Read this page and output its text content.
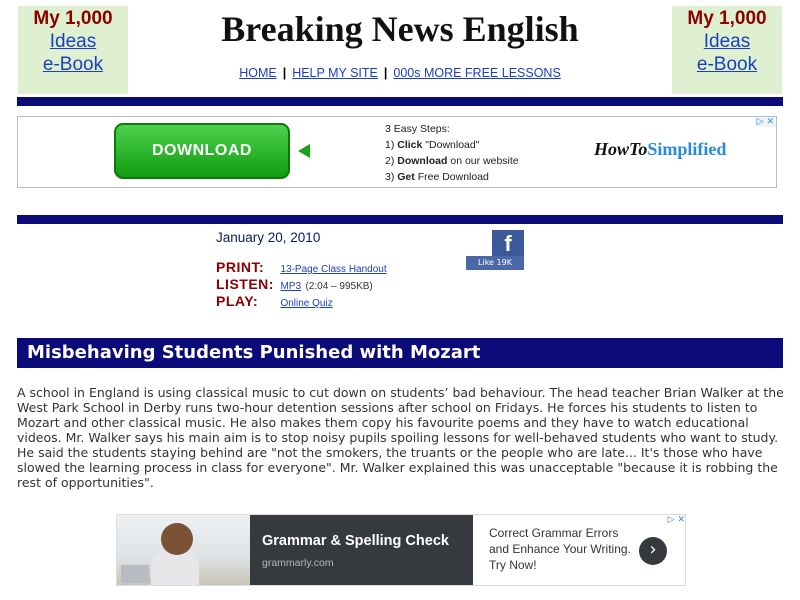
My 1,000
Ideas
e-Book
My 1,000
Ideas
e-Book
Breaking News English
HOME | HELP MY SITE | 000s MORE FREE LESSONS
DOWNLOAD
3 Easy Steps:
1) Click "Download"
2) Download on our website
3) Get Free Download
HowToSimplified
▷ ✕
January 20, 2010	f
Like 19K
PRINT: 13-Page Class Handout
LISTEN: MP3 (2:04 – 995KB)
PLAY: Online Quiz
Misbehaving Students Punished with Mozart
A school in England is using classical music to cut down on students’ bad behaviour. The head teacher Brian Walker at the West Park School in Derby runs two-hour detention sessions after school on Fridays. He forces his students to listen to Mozart and other classical music. He also makes them copy his favourite poems and they have to watch educational videos. Mr. Walker says his main aim is to stop noisy pupils spoiling lessons for well-behaved students who want to study. He said the students staying behind are "not the smokers, the truants or the people who are late... It's those who have slowed the learning process in class for everyone". Mr. Walker explained this was unacceptable "because it is robbing the rest of opportunities".
Grammar & Spelling Check
grammarly.com
Correct Grammar Errors and Enhance Your Writing. Try Now!
›
▷ ✕
